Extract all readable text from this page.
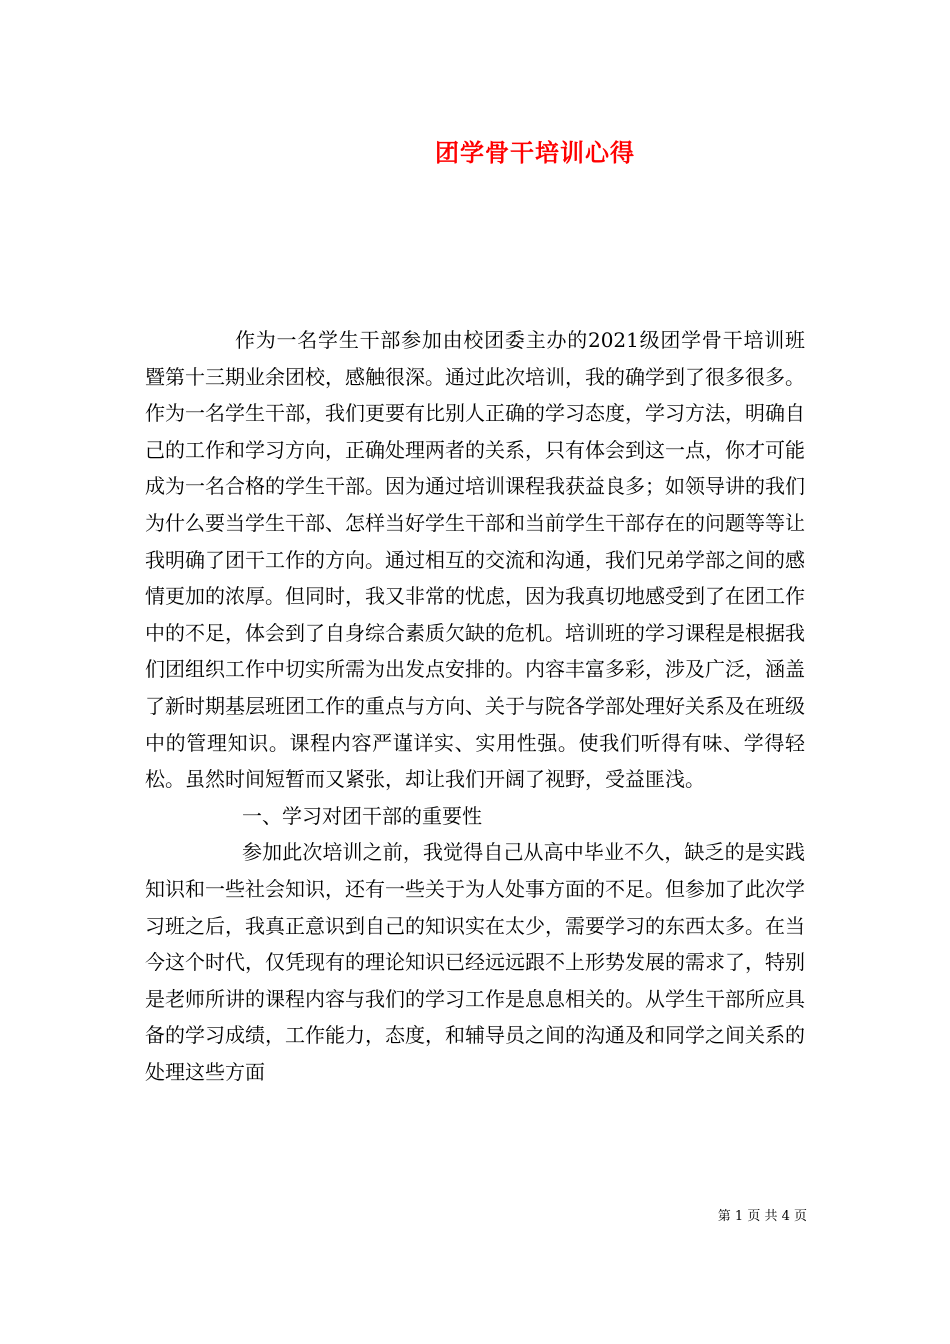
团学骨干培训心得

作为一名学生干部参加由校团委主办的2021级团学骨干培训班暨第十三期业余团校，感触很深。通过此次培训，我的确学到了很多很多。作为一名学生干部，我们更要有比别人正确的学习态度，学习方法，明确自己的工作和学习方向，正确处理两者的关系，只有体会到这一点，你才可能成为一名合格的学生干部。因为通过培训课程我获益良多；如领导讲的我们为什么要当学生干部、怎样当好学生干部和当前学生干部存在的问题等等让我明确了团干工作的方向。通过相互的交流和沟通，我们兄弟学部之间的感情更加的浓厚。但同时，我又非常的忧虑，因为我真切地感受到了在团工作中的不足，体会到了自身综合素质欠缺的危机。培训班的学习课程是根据我们团组织工作中切实所需为出发点安排的。内容丰富多彩，涉及广泛，涵盖了新时期基层班团工作的重点与方向、关于与院各学部处理好关系及在班级中的管理知识。课程内容严谨详实、实用性强。使我们听得有味、学得轻松。虽然时间短暂而又紧张，却让我们开阔了视野，受益匪浅。

一、学习对团干部的重要性

参加此次培训之前，我觉得自己从高中毕业不久，缺乏的是实践知识和一些社会知识，还有一些关于为人处事方面的不足。但参加了此次学习班之后，我真正意识到自己的知识实在太少，需要学习的东西太多。在当今这个时代，仅凭现有的理论知识已经远远跟不上形势发展的需求了，特别是老师所讲的课程内容与我们的学习工作是息息相关的。从学生干部所应具备的学习成绩，工作能力，态度，和辅导员之间的沟通及和同学之间关系的处理这些方面

第 1 页 共 4 页
